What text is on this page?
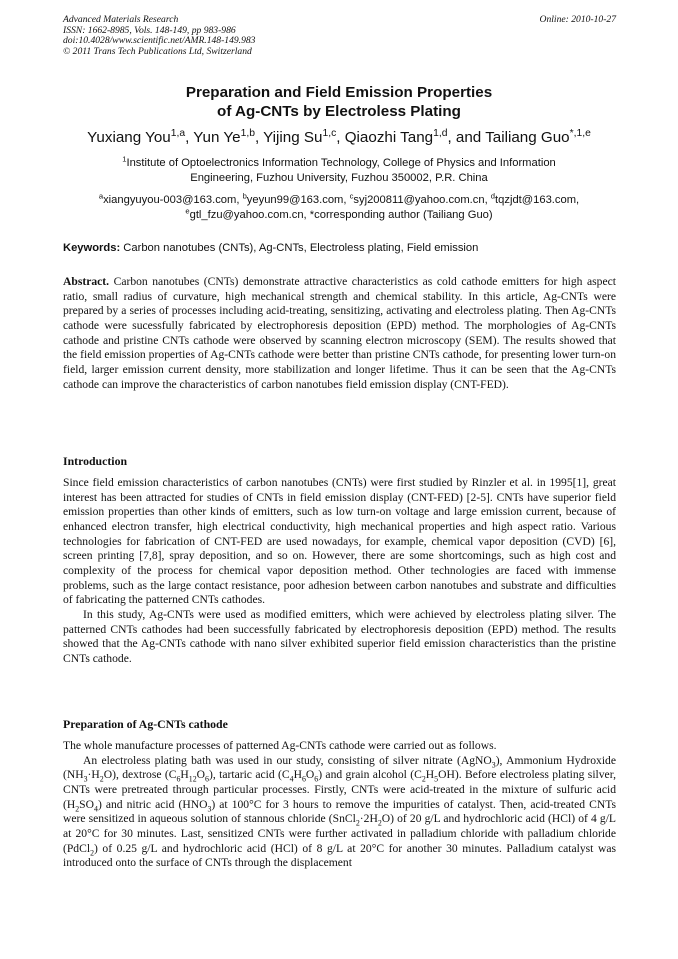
Advanced Materials Research
ISSN: 1662-8985, Vols. 148-149, pp 983-986
doi:10.4028/www.scientific.net/AMR.148-149.983
© 2011 Trans Tech Publications Ltd, Switzerland
Online: 2010-10-27
Preparation and Field Emission Properties
of Ag-CNTs by Electroless Plating
Yuxiang You$^{1,a}$, Yun Ye$^{1,b}$, Yijing Su$^{1,c}$, Qiaozhi Tang$^{1,d}$, and Tailiang Guo$^{*,1,e}$
$^1$Institute of Optoelectronics Information Technology, College of Physics and Information
Engineering, Fuzhou University, Fuzhou 350002, P.R. China
$^a$xiangyuyou-003@163.com, $^b$yeyun99@163.com, $^c$syj200811@yahoo.com.cn, $^d$tqzjdt@163.com,
$^e$gtl_fzu@yahoo.com.cn, *corresponding author (Tailiang Guo)
Keywords: Carbon nanotubes (CNTs), Ag-CNTs, Electroless plating, Field emission

Abstract. Carbon nanotubes (CNTs) demonstrate attractive characteristics as cold cathode emitters for high aspect ratio, small radius of curvature, high mechanical strength and chemical stability. In this article, Ag-CNTs were prepared by a series of processes including acid-treating, sensitizing, activating and electroless plating. Then Ag-CNTs cathode were sucessfully fabricated by electrophoresis deposition (EPD) method. The morphologies of Ag-CNTs cathode and pristine CNTs cathode were observed by scanning electron microscopy (SEM). The results showed that the field emission properties of Ag-CNTs cathode were better than pristine CNTs cathode, for presenting lower turn-on field, larger emission current density, more stabilization and longer lifetime. Thus it can be seen that the Ag-CNTs cathode can improve the characteristics of carbon nanotubes field emission display (CNT-FED).

Introduction

Since field emission characteristics of carbon nanotubes (CNTs) were first studied by Rinzler et al. in 1995[1], great interest has been attracted for studies of CNTs in field emission display (CNT-FED) [2-5]. CNTs have superior field emission properties than other kinds of emitters, such as low turn-on voltage and large emission current, because of enhanced electron transfer, high electrical conductivity, high mechanical properties and high aspect ratio. Various technologies for fabrication of CNT-FED are used nowadays, for example, chemical vapor deposition (CVD) [6], screen printing [7,8], spray deposition, and so on. However, there are some shortcomings, such as high cost and complexity of the process for chemical vapor deposition method. Other technologies are faced with immense problems, such as the large contact resistance, poor adhesion between carbon nanotubes and substrate and difficulties of fabricating the patterned CNTs cathodes.

In this study, Ag-CNTs were used as modified emitters, which were achieved by electroless plating silver. The patterned CNTs cathodes had been successfully fabricated by electrophoresis deposition (EPD) method. The results showed that the Ag-CNTs cathode with nano silver exhibited superior field emission characteristics than the pristine CNTs cathode.

Preparation of Ag-CNTs cathode

The whole manufacture processes of patterned Ag-CNTs cathode were carried out as follows.

An electroless plating bath was used in our study, consisting of silver nitrate (AgNO$_3$), Ammonium Hydroxide $(NH_3\cdot H_2O)$, dextrose $(C_6H_{12}O_6)$, tartaric acid $(C_4H_6O_6)$ and grain alcohol $(C_2H_5OH)$. Before electroless plating silver, CNTs were pretreated through particular processes. Firstly, CNTs were acid-treated in the mixture of sulfuric acid $(H_2SO_4)$ and nitric acid $(HNO_3)$ at 100°C for 3 hours to remove the impurities of catalyst. Then, acid-treated CNTs were sensitized in aqueous solution of stannous chloride $(SnCl_2\cdot 2H_2O)$ of 20 g/L and hydrochloric acid (HCl) of 4 g/L at 20°C for 30 minutes. Last, sensitized CNTs were further activated in palladium chloride with palladium chloride (PdCl$_2$) of 0.25 g/L and hydrochloric acid (HCl) of 8 g/L at 20°C for another 30 minutes. Palladium catalyst was introduced onto the surface of CNTs through the displacement
